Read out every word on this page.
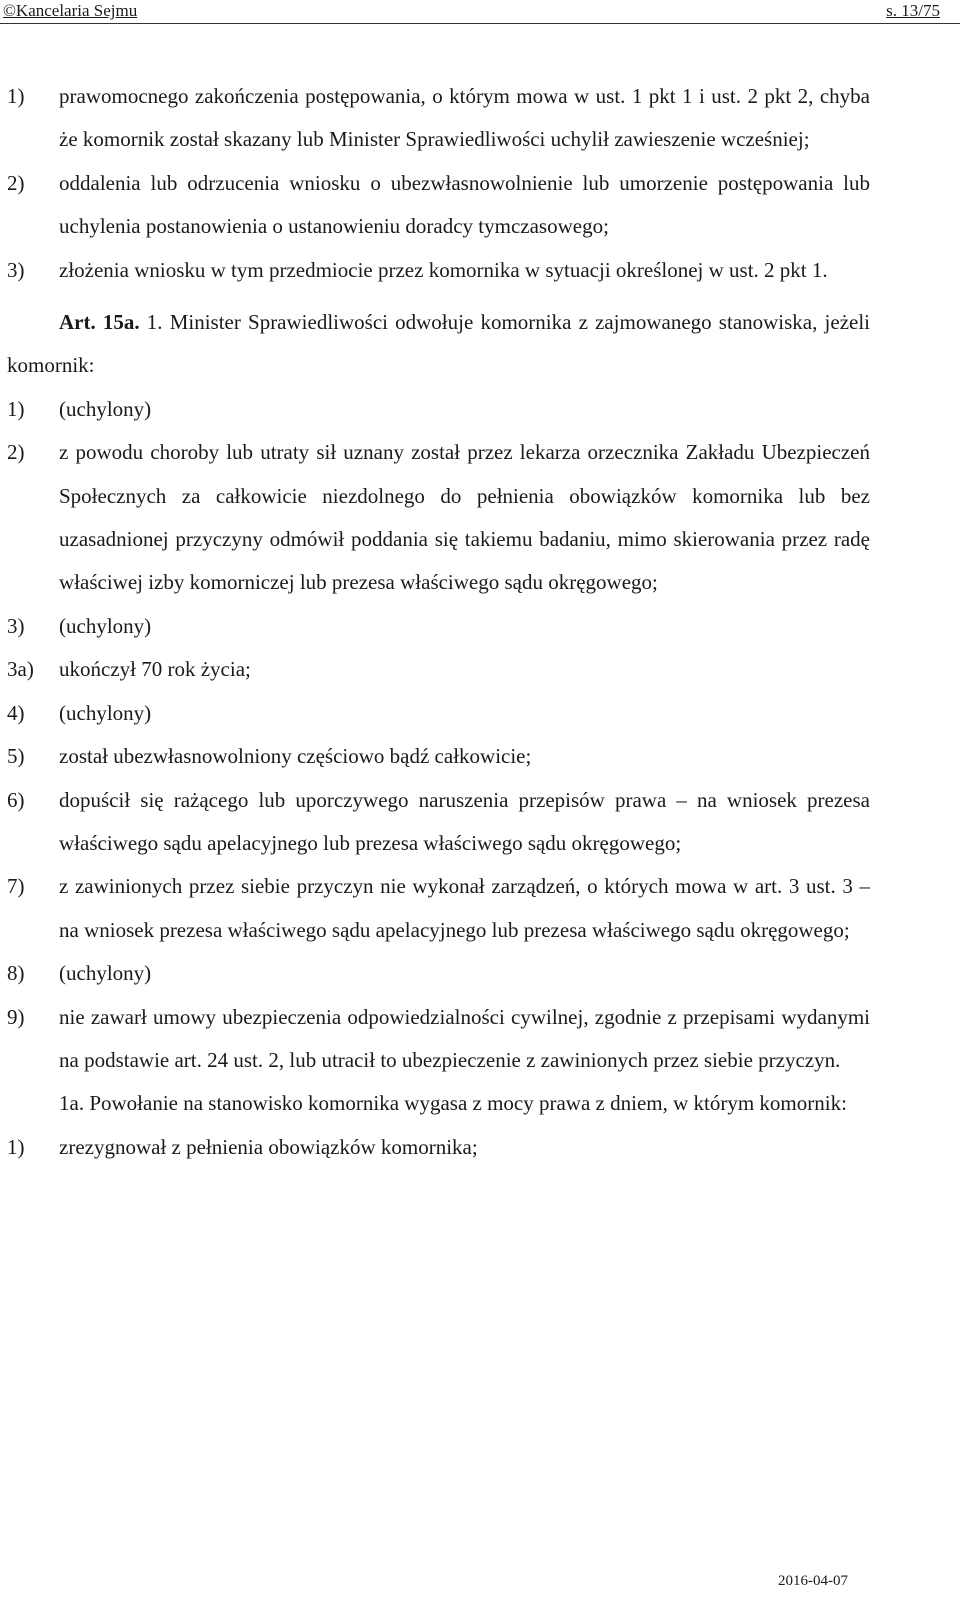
©Kancelaria Sejmu	s. 13/75
1)	prawomocnego zakończenia postępowania, o którym mowa w ust. 1 pkt 1 i ust. 2 pkt 2, chyba że komornik został skazany lub Minister Sprawiedliwości uchylił zawieszenie wcześniej;
2)	oddalenia lub odrzucenia wniosku o ubezwłasnowolnienie lub umorzenie postępowania lub uchylenia postanowienia o ustanowieniu doradcy tymczasowego;
3)	złożenia wniosku w tym przedmiocie przez komornika w sytuacji określonej w ust. 2 pkt 1.
Art. 15a. 1. Minister Sprawiedliwości odwołuje komornika z zajmowanego stanowiska, jeżeli komornik:
1)	(uchylony)
2)	z powodu choroby lub utraty sił uznany został przez lekarza orzecznika Zakładu Ubezpieczeń Społecznych za całkowicie niezdolnego do pełnienia obowiązków komornika lub bez uzasadnionej przyczyny odmówił poddania się takiemu badaniu, mimo skierowania przez radę właściwej izby komorniczej lub prezesa właściwego sądu okręgowego;
3)	(uchylony)
3a)	ukończył 70 rok życia;
4)	(uchylony)
5)	został ubezwłasnowolniony częściowo bądź całkowicie;
6)	dopuścił się rażącego lub uporczywego naruszenia przepisów prawa – na wniosek prezesa właściwego sądu apelacyjnego lub prezesa właściwego sądu okręgowego;
7)	z zawinionych przez siebie przyczyn nie wykonał zarządzeń, o których mowa w art. 3 ust. 3 – na wniosek prezesa właściwego sądu apelacyjnego lub prezesa właściwego sądu okręgowego;
8)	(uchylony)
9)	nie zawarł umowy ubezpieczenia odpowiedzialności cywilnej, zgodnie z przepisami wydanymi na podstawie art. 24 ust. 2, lub utracił to ubezpieczenie z zawinionych przez siebie przyczyn.
1a. Powołanie na stanowisko komornika wygasa z mocy prawa z dniem, w którym komornik:
1)	zrezygnował z pełnienia obowiązków komornika;
2016-04-07
